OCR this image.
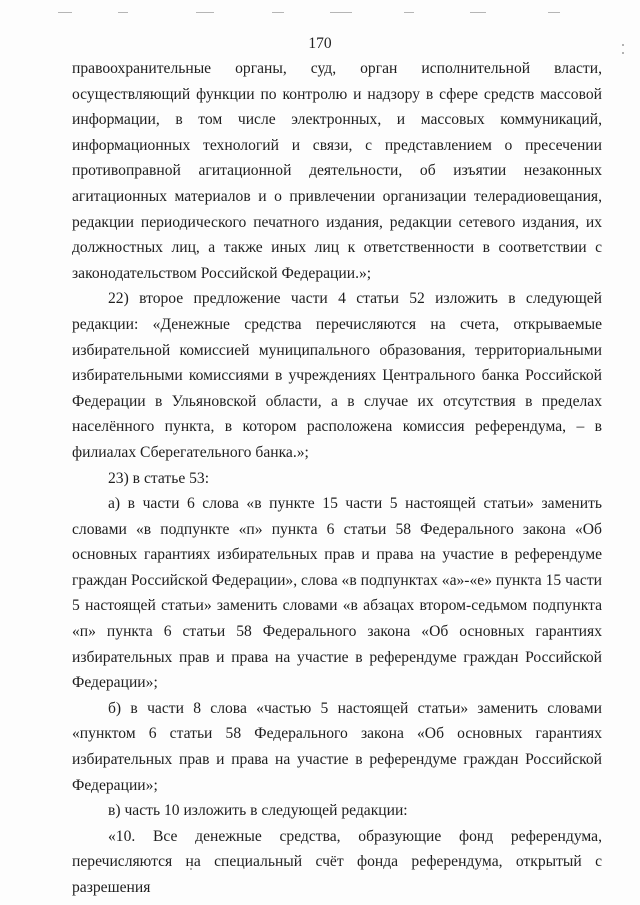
170

правоохранительные органы, суд, орган исполнительной власти, осуществляющий функции по контролю и надзору в сфере средств массовой информации, в том числе электронных, и массовых коммуникаций, информационных технологий и связи, с представлением о пресечении противоправной агитационной деятельности, об изъятии незаконных агитационных материалов и о привлечении организации телерадиовещания, редакции периодического печатного издания, редакции сетевого издания, их должностных лиц, а также иных лиц к ответственности в соответствии с законодательством Российской Федерации.»;

22) второе предложение части 4 статьи 52 изложить в следующей редакции: «Денежные средства перечисляются на счета, открываемые избирательной комиссией муниципального образования, территориальными избирательными комиссиями в учреждениях Центрального банка Российской Федерации в Ульяновской области, а в случае их отсутствия в пределах населённого пункта, в котором расположена комиссия референдума, – в филиалах Сберегательного банка.»;

23) в статье 53:

а) в части 6 слова «в пункте 15 части 5 настоящей статьи» заменить словами «в подпункте «п» пункта 6 статьи 58 Федерального закона «Об основных гарантиях избирательных прав и права на участие в референдуме граждан Российской Федерации», слова «в подпунктах «а»-«е» пункта 15 части 5 настоящей статьи» заменить словами «в абзацах втором-седьмом подпункта «п» пункта 6 статьи 58 Федерального закона «Об основных гарантиях избирательных прав и права на участие в референдуме граждан Российской Федерации»;

б) в части 8 слова «частью 5 настоящей статьи» заменить словами «пунктом 6 статьи 58 Федерального закона «Об основных гарантиях избирательных прав и права на участие в референдуме граждан Российской Федерации»;

в) часть 10 изложить в следующей редакции:

«10. Все денежные средства, образующие фонд референдума, перечисляются на специальный счёт фонда референдума, открытый с разрешения
